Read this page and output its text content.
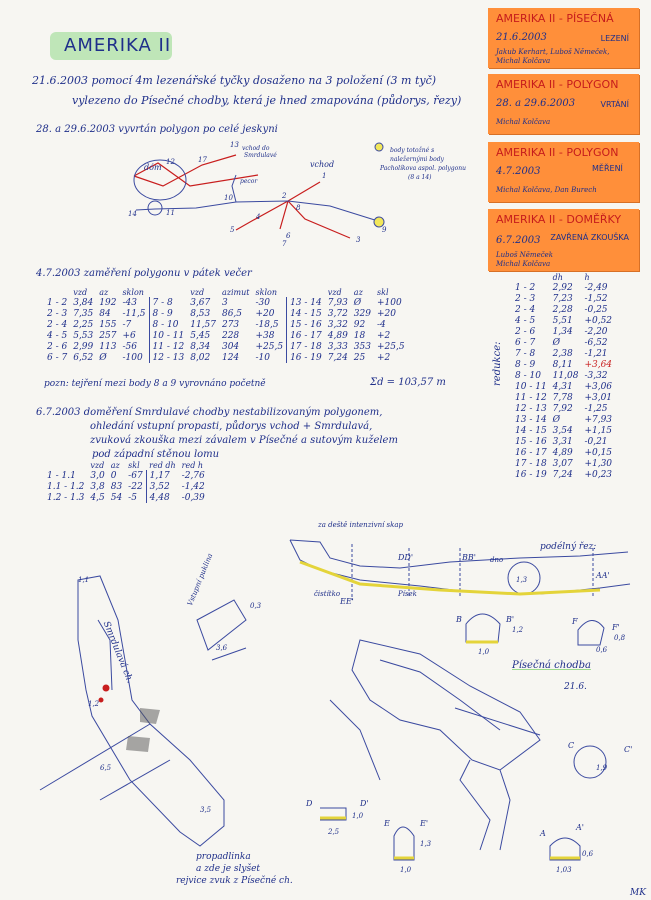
AMERIKA II
AMERIKA II - PÍSEČNÁ
21.6.2003	LEZENÍ
Jakub Kerhart, Luboš Němeček,
Michal Kolčava
AMERIKA II - POLYGON
28. a 29.6.2003	VRTÁNÍ
Michal Kolčava
AMERIKA II - POLYGON
4.7.2003	MĚŘENÍ
Michal Kolčava, Dan Burech
AMERIKA II - DOMĚŘKY
6.7.2003 ZAVŘENÁ ZKOUŠKA
Luboš Němeček
Michal Kolčava
21.6.2003 pomocí 4m lezenářské tyčky dosaženo na 3 položení (3 m tyč)
vylezeno do Písečné chodby, která je hned zmapována (půdorys, řezy)
28. a 29.6.2003 vyvrtán polygon po celé jeskyni
dóm	vchod
vchod do
Smrdulavé
pecor
body totožné s
naležernými body
Pacholíkova aspol. polygonu
(8 a 14)
12	17
13
14	11
10	2
8
1
4
5
6
7	3
9
4.7.2003 zaměření polygonu v pátek večer
	vzd	az	sklon		vzd	azimut	sklon		vzd	az	skl
1 - 2	3,84	192	-43	7 - 8	3,67	3	-30	13 - 14	7,93	Ø	+100
2 - 3	7,35	84	-11,5	8 - 9	8,53	86,5	+20	14 - 15	3,72	329	+20
2 - 4	2,25	155	-7	8 - 10	11,57	273	-18,5	15 - 16	3,32	92	-4
4 - 5	5,53	257	+6	10 - 11	5,45	228	+38	16 - 17	4,89	18	+2
2 - 6	2,99	113	-56	11 - 12	8,34	304	+25,5	17 - 18	3,33	353	+25,5
6 - 7	6,52	Ø	-100	12 - 13	8,02	124	-10	16 - 19	7,24	25	+2
pozn: tejření mezi body 8 a 9 vyrovnáno početně	Σd = 103,57 m
	dh	h
1 - 2	2,92	-2,49
2 - 3	7,23	-1,52
2 - 4	2,28	-0,25
4 - 5	5,51	+0,52
2 - 6	1,34	-2,20
6 - 7	Ø	-6,52
7 - 8	2,38	-1,21
8 - 9	8,11	+3,64
8 - 10	11,08	-3,32
10 - 11	4,31	+3,06
11 - 12	7,78	+3,01
12 - 13	7,92	-1,25
13 - 14	Ø	+7,93
14 - 15	3,54	+1,15
15 - 16	3,31	-0,21
16 - 17	4,89	+0,15
17 - 18	3,07	+1,30
16 - 19	7,24	+0,23
redukce:
6.7.2003 doměření Smrdulavé chodby nestabilizovaným polygonem,
ohledání vstupní propasti, půdorys vchod + Smrdulavá,
zvuková zkouška mezi závalem v Písečné a sutovým kuželem
pod západní stěnou lomu
	vzd	az	skl	red dh	red h
1 - 1.1	3,0	0	-67	1,17	-2,76
1.1 - 1.2	3,8	83	-22	3,52	-1,42
1.2 - 1.3	4,5	54	-5	4,48	-0,39
B	B'	F
F'
C	C'
A
A'
E	E'
D	D'
DD'	BB'
AA'
EE'
1,3
1,2
1,0
0,8
0,6
1,9
1,03
0,6
1,3
1,0
2,5
1,0
3,6
0,3
6,5
3,5
1,1
1,2
MK
Smrdulavá ch.
Vstupní puklina
za deště intenzivní skap
podélný řez:
čistítko	Písek
dno
Písečná chodba
21.6.
propadlinka
a zde je slyšet
rejvice zvuk z Písečné ch.
